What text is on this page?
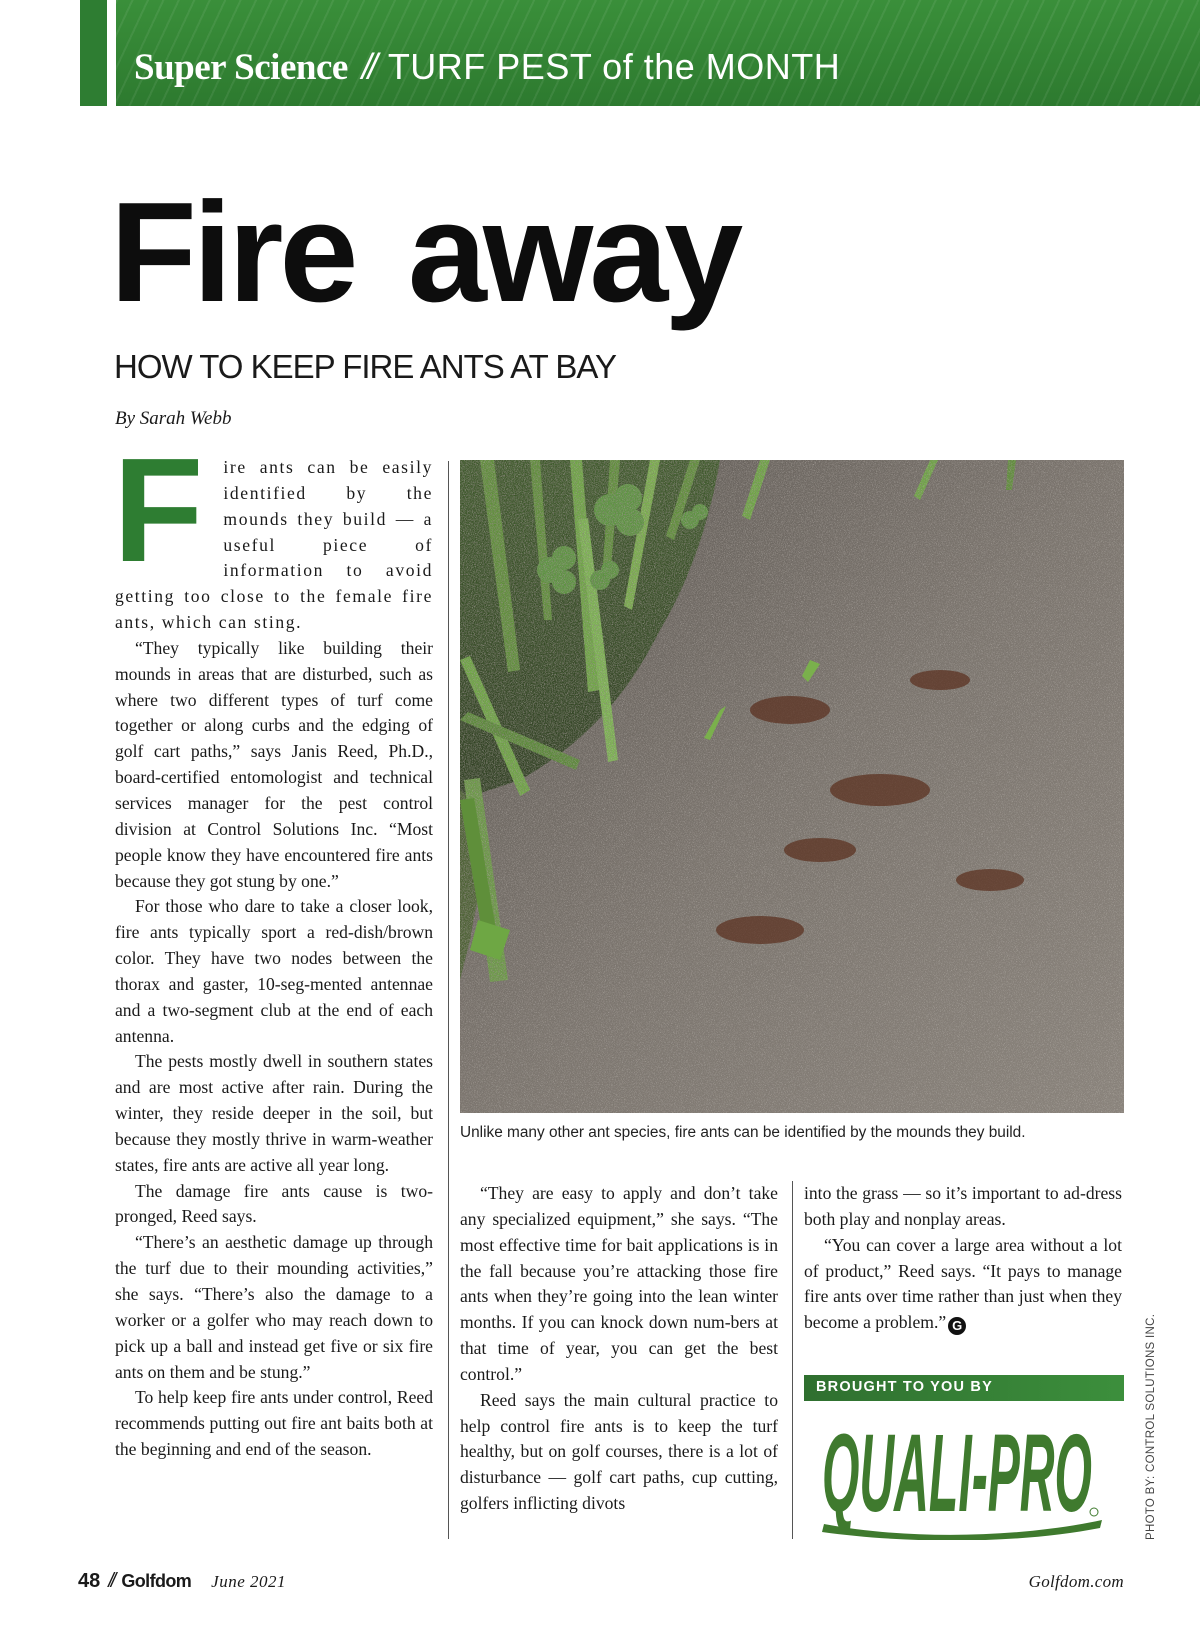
Super Science // TURF PEST of the MONTH
Fire away
HOW TO KEEP FIRE ANTS AT BAY
By Sarah Webb
F	ire ants can be easily identified by the mounds they build — a useful piece of information to avoid getting too close to the female fire ants, which can sting.

“They typically like building their mounds in areas that are disturbed, such as where two different types of turf come together or along curbs and the edging of golf cart paths,” says Janis Reed, Ph.D., board-certified entomologist and technical services manager for the pest control division at Control Solutions Inc. “Most people know they have encountered fire ants because they got stung by one.”

For those who dare to take a closer look, fire ants typically sport a red-dish/brown color. They have two nodes between the thorax and gaster, 10-seg-mented antennae and a two-segment club at the end of each antenna.

The pests mostly dwell in southern states and are most active after rain. During the winter, they reside deeper in the soil, but because they mostly thrive in warm-weather states, fire ants are active all year long.

The damage fire ants cause is two-pronged, Reed says.

“There’s an aesthetic damage up through the turf due to their mounding activities,” she says. “There’s also the damage to a worker or a golfer who may reach down to pick up a ball and instead get five or six fire ants on them and be stung.”

To help keep fire ants under control, Reed recommends putting out fire ant baits both at the beginning and end of the season.

Unlike many other ant species, fire ants can be identified by the mounds they build.

“They are easy to apply and don’t take any specialized equipment,” she says. “The most effective time for bait applications is in the fall because you’re attacking those fire ants when they’re going into the lean winter months. If you can knock down num-bers at that time of year, you can get the best control.”

Reed says the main cultural practice to help control fire ants is to keep the turf healthy, but on golf courses, there is a lot of disturbance — golf cart paths, cup cutting, golfers inflicting divots

into the grass — so it’s important to ad-dress both play and nonplay areas.

“You can cover a large area without a lot of product,” Reed says. “It pays to manage fire ants over time rather than just when they become a problem.” G

BROUGHT TO YOU BY
QUALI-PRO	PHOTO BY: CONTROL SOLUTIONS INC.
48 // Golfdom June 2021	Golfdom.com
